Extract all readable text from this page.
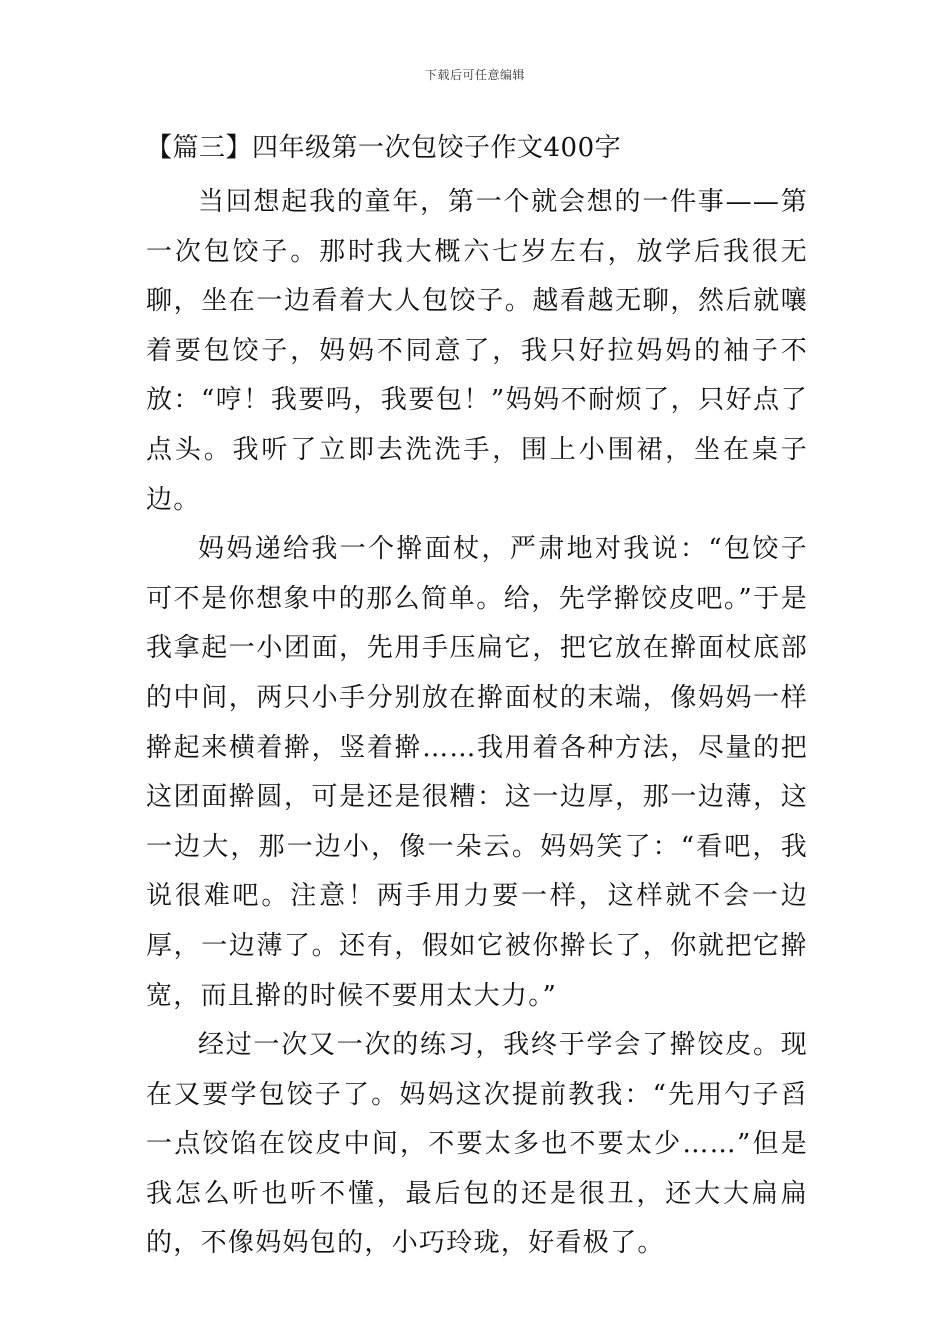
下载后可任意编辑
【篇三】四年级第一次包饺子作文400字

当回想起我的童年，第一个就会想的一件事——第一次包饺子。那时我大概六七岁左右，放学后我很无聊，坐在一边看着大人包饺子。越看越无聊，然后就嚷着要包饺子，妈妈不同意了，我只好拉妈妈的袖子不放：“哼！我要吗，我要包！”妈妈不耐烦了，只好点了点头。我听了立即去洗洗手，围上小围裙，坐在桌子边。

妈妈递给我一个擀面杖，严肃地对我说：“包饺子可不是你想象中的那么简单。给，先学擀饺皮吧。”于是我拿起一小团面，先用手压扁它，把它放在擀面杖底部的中间，两只小手分别放在擀面杖的末端，像妈妈一样擀起来横着擀，竖着擀……我用着各种方法，尽量的把这团面擀圆，可是还是很糟：这一边厚，那一边薄，这一边大，那一边小，像一朵云。妈妈笑了：“看吧，我说很难吧。注意！两手用力要一样，这样就不会一边厚，一边薄了。还有，假如它被你擀长了，你就把它擀宽，而且擀的时候不要用太大力。”

经过一次又一次的练习，我终于学会了擀饺皮。现在又要学包饺子了。妈妈这次提前教我：“先用勺子舀一点饺馅在饺皮中间，不要太多也不要太少……”但是我怎么听也听不懂，最后包的还是很丑，还大大扁扁的，不像妈妈包的，小巧玲珑，好看极了。
